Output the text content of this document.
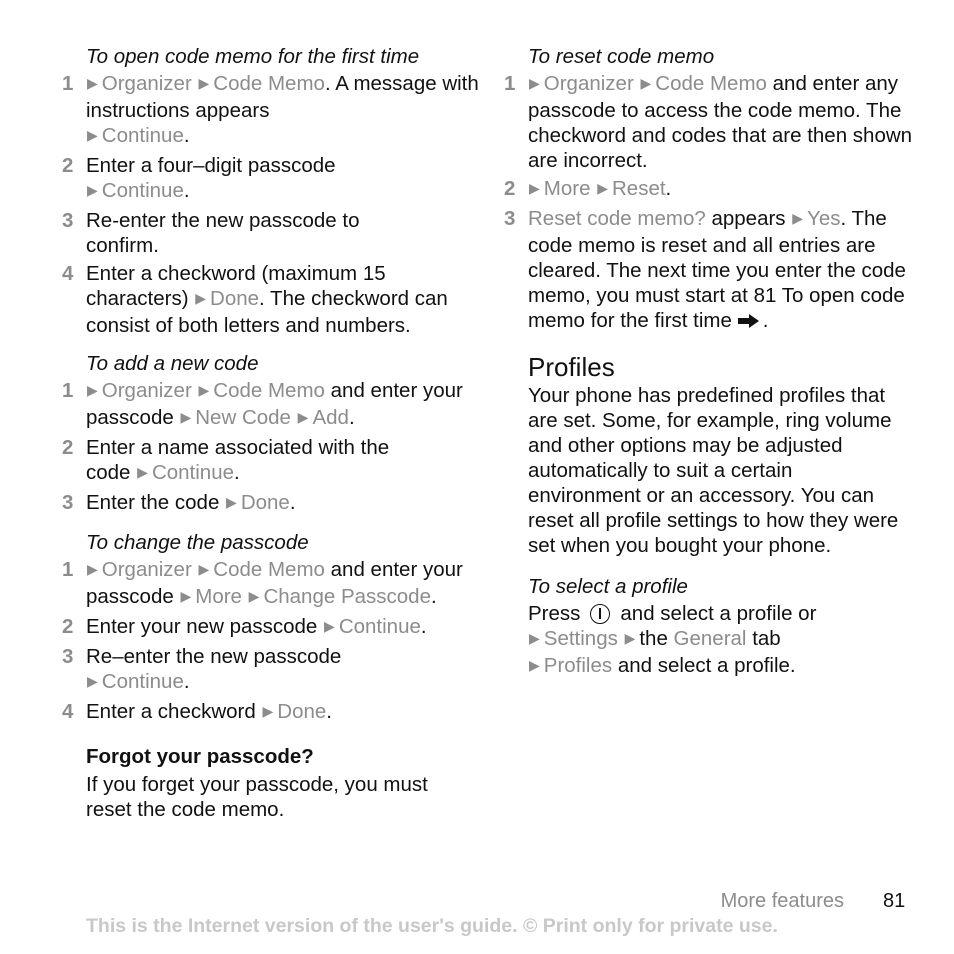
To open code memo for the first time
1 ▶ Organizer ▶ Code Memo. A message with instructions appears
▶ Continue.
2 Enter a four–digit passcode
▶ Continue.
3 Re-enter the new passcode to confirm.
4 Enter a checkword (maximum 15 characters) ▶ Done. The checkword can consist of both letters and numbers.
To add a new code
1 ▶ Organizer ▶ Code Memo and enter your passcode ▶ New Code ▶ Add.
2 Enter a name associated with the code ▶ Continue.
3 Enter the code ▶ Done.
To change the passcode
1 ▶ Organizer ▶ Code Memo and enter your passcode ▶ More ▶ Change Passcode.
2 Enter your new passcode ▶ Continue.
3 Re–enter the new passcode
▶ Continue.
4 Enter a checkword ▶ Done.
Forgot your passcode?
If you forget your passcode, you must reset the code memo.
To reset code memo
1 ▶ Organizer ▶ Code Memo and enter any passcode to access the code memo. The checkword and codes that are then shown are incorrect.
2 ▶ More ▶ Reset.
3 Reset code memo? appears ▶ Yes. The code memo is reset and all entries are cleared. The next time you enter the code memo, you must start at 81 To open code memo for the first time .
Profiles
Your phone has predefined profiles that are set. Some, for example, ring volume and other options may be adjusted automatically to suit a certain environment or an accessory. You can reset all profile settings to how they were set when you bought your phone.
To select a profile
Press and select a profile or
▶ Settings ▶ the General tab
▶ Profiles and select a profile.
More features 81
This is the Internet version of the user's guide. © Print only for private use.
